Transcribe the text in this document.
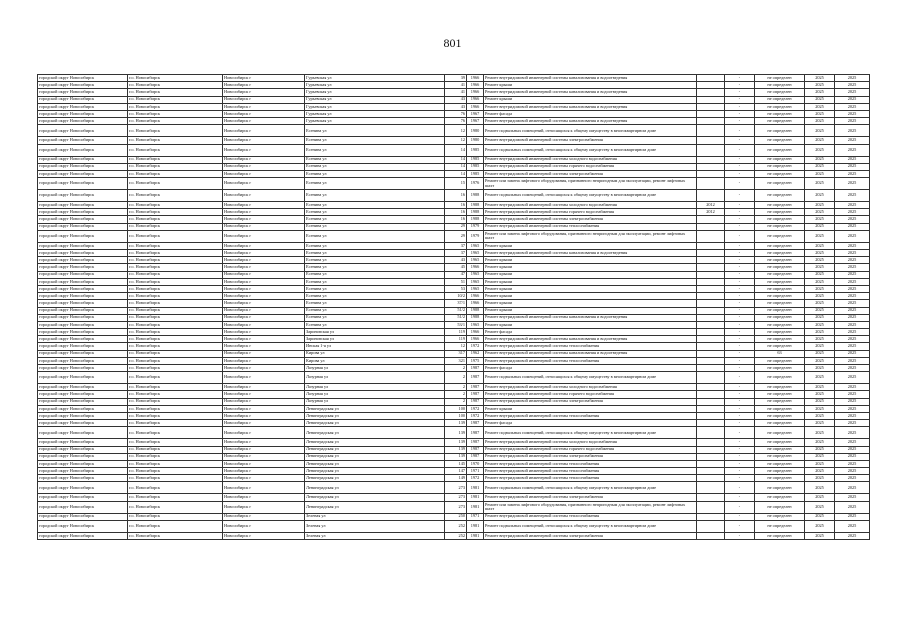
801
городской округ Новосибирск	г.о. Новосибирск	Новосибирск г	Гурьевская ул	39	1966	Ремонт внутридомовой инженерной системы канализования и водоотведения		-	не определен	2025	2025
городской округ Новосибирск	г.о. Новосибирск	Новосибирск г	Гурьевская ул	41	1966	Ремонт крыши		-	не определен	2025	2025
городской округ Новосибирск	г.о. Новосибирск	Новосибирск г	Гурьевская ул	41	1966	Ремонт внутридомовой инженерной системы канализования и водоотведения		-	не определен	2025	2025
городской округ Новосибирск	г.о. Новосибирск	Новосибирск г	Гурьевская ул	43	1966	Ремонт крыши		-	не определен	2025	2025
городской округ Новосибирск	г.о. Новосибирск	Новосибирск г	Гурьевская ул	43	1966	Ремонт внутридомовой инженерной системы канализования и водоотведения		-	не определен	2025	2025
городской округ Новосибирск	г.о. Новосибирск	Новосибирск г	Гурьевская ул	76	1967	Ремонт фасада		-	не определен	2025	2025
городской округ Новосибирск	г.о. Новосибирск	Новосибирск г	Гурьевская ул	76	1967	Ремонт внутридомовой инженерной системы канализования и водоотведения		-	не определен	2025	2025
городской округ Новосибирск	г.о. Новосибирск	Новосибирск г	Есенина ул	12	1980	Ремонт подвальных помещений, относящихся к общему имуществу в многоквартирном доме		-	не определен	2025	2025
городской округ Новосибирск	г.о. Новосибирск	Новосибирск г	Есенина ул	12	1980	Ремонт внутридомовой инженерной системы электроснабжения		-	не определен	2025	2025
городской округ Новосибирск	г.о. Новосибирск	Новосибирск г	Есенина ул	14	1985	Ремонт подвальных помещений, относящихся к общему имуществу в многоквартирном доме		-	не определен	2025	2025
городской округ Новосибирск	г.о. Новосибирск	Новосибирск г	Есенина ул	14	1985	Ремонт внутридомовой инженерной системы холодного водоснабжения		-	не определен	2025	2025
городской округ Новосибирск	г.о. Новосибирск	Новосибирск г	Есенина ул	14	1985	Ремонт внутридомовой инженерной системы горячего водоснабжения		-	не определен	2025	2025
городской округ Новосибирск	г.о. Новосибирск	Новосибирск г	Есенина ул	14	1985	Ремонт внутридомовой инженерной системы электроснабжения		-	не определен	2025	2025
городской округ Новосибирск	г.о. Новосибирск	Новосибирск г	Есенина ул	15	1976	Ремонт или замена лифтового оборудования, признанного непригодным для эксплуатации, ремонт лифтовых шахт		-	не определен	2025	2025
городской округ Новосибирск	г.о. Новосибирск	Новосибирск г	Есенина ул	16	1988	Ремонт подвальных помещений, относящихся к общему имуществу в многоквартирном доме		-	не определен	2025	2025
городской округ Новосибирск	г.о. Новосибирск	Новосибирск г	Есенина ул	16	1988	Ремонт внутридомовой инженерной системы холодного водоснабжения	2012	-	не определен	2025	2025
городской округ Новосибирск	г.о. Новосибирск	Новосибирск г	Есенина ул	16	1988	Ремонт внутридомовой инженерной системы горячего водоснабжения	2012	-	не определен	2025	2025
городской округ Новосибирск	г.о. Новосибирск	Новосибирск г	Есенина ул	16	1988	Ремонт внутридомовой инженерной системы электроснабжения		-	не определен	2025	2025
городской округ Новосибирск	г.о. Новосибирск	Новосибирск г	Есенина ул	29	1979	Ремонт внутридомовой инженерной системы теплоснабжения		-	не определен	2025	2025
городской округ Новосибирск	г.о. Новосибирск	Новосибирск г	Есенина ул	29	1979	Ремонт или замена лифтового оборудования, признанного непригодным для эксплуатации, ремонт лифтовых шахт		-	не определен	2025	2025
городской округ Новосибирск	г.о. Новосибирск	Новосибирск г	Есенина ул	37	1965	Ремонт крыши		-	не определен	2025	2025
городской округ Новосибирск	г.о. Новосибирск	Новосибирск г	Есенина ул	37	1965	Ремонт внутридомовой инженерной системы канализования и водоотведения		-	не определен	2025	2025
городской округ Новосибирск	г.о. Новосибирск	Новосибирск г	Есенина ул	43	1965	Ремонт крыши		-	не определен	2025	2025
городской округ Новосибирск	г.о. Новосибирск	Новосибирск г	Есенина ул	45	1966	Ремонт крыши		-	не определен	2025	2025
городской округ Новосибирск	г.о. Новосибирск	Новосибирск г	Есенина ул	47	1965	Ремонт крыши		-	не определен	2025	2025
городской округ Новосибирск	г.о. Новосибирск	Новосибирск г	Есенина ул	51	1965	Ремонт крыши		-	не определен	2025	2025
городской округ Новосибирск	г.о. Новосибирск	Новосибирск г	Есенина ул	53	1965	Ремонт крыши		-	не определен	2025	2025
городской округ Новосибирск	г.о. Новосибирск	Новосибирск г	Есенина ул	10/2	1966	Ремонт крыши		-	не определен	2025	2025
городской округ Новосибирск	г.о. Новосибирск	Новосибирск г	Есенина ул	37/1	1966	Ремонт крыши		-	не определен	2025	2025
городской округ Новосибирск	г.о. Новосибирск	Новосибирск г	Есенина ул	51/2	1988	Ремонт крыши		-	не определен	2025	2025
городской округ Новосибирск	г.о. Новосибирск	Новосибирск г	Есенина ул	51/2	1988	Ремонт внутридомовой инженерной системы канализования и водоотведения		-	не определен	2025	2025
городской округ Новосибирск	г.о. Новосибирск	Новосибирск г	Есенина ул	53/1	1965	Ремонт крыши		-	не определен	2025	2025
городской округ Новосибирск	г.о. Новосибирск	Новосибирск г	Зариновская ул	119	1966	Ремонт фасада		-	не определен	2025	2025
городской округ Новосибирск	г.о. Новосибирск	Новосибирск г	Зариновская ул	119	1966	Ремонт внутридомовой инженерной системы канализования и водоотведения		-	не определен	2025	2025
городской округ Новосибирск	г.о. Новосибирск	Новосибирск г	Инская 1-я ул	12	1972	Ремонт внутридомовой инженерной системы теплоснабжения		-	не определен	2025	2025
городской округ Новосибирск	г.о. Новосибирск	Новосибирск г	Кирова ул	317	1962	Ремонт внутридомовой инженерной системы канализования и водоотведения		-	63	2025	2025
городской округ Новосибирск	г.о. Новосибирск	Новосибирск г	Кирова ул	321	1975	Ремонт внутридомовой инженерной системы теплоснабжения		-	не определен	2025	2025
городской округ Новосибирск	г.о. Новосибирск	Новосибирск г	Лазурная ул	2	1987	Ремонт фасада		-	не определен	2025	2025
городской округ Новосибирск	г.о. Новосибирск	Новосибирск г	Лазурная ул	2	1987	Ремонт подвальных помещений, относящихся к общему имуществу в многоквартирном доме		-	не определен	2025	2025
городской округ Новосибирск	г.о. Новосибирск	Новосибирск г	Лазурная ул	2	1987	Ремонт внутридомовой инженерной системы холодного водоснабжения		-	не определен	2025	2025
городской округ Новосибирск	г.о. Новосибирск	Новосибирск г	Лазурная ул	2	1987	Ремонт внутридомовой инженерной системы горячего водоснабжения		-	не определен	2025	2025
городской округ Новосибирск	г.о. Новосибирск	Новосибирск г	Лазурная ул	2	1987	Ремонт внутридомовой инженерной системы электроснабжения		-	не определен	2025	2025
городской округ Новосибирск	г.о. Новосибирск	Новосибирск г	Ленинградская ул	100	1972	Ремонт крыши		-	не определен	2025	2025
городской округ Новосибирск	г.о. Новосибирск	Новосибирск г	Ленинградская ул	100	1972	Ремонт внутридомовой инженерной системы теплоснабжения		-	не определен	2025	2025
городской округ Новосибирск	г.о. Новосибирск	Новосибирск г	Ленинградская ул	139	1987	Ремонт фасада		-	не определен	2025	2025
городской округ Новосибирск	г.о. Новосибирск	Новосибирск г	Ленинградская ул	139	1987	Ремонт подвальных помещений, относящихся к общему имуществу в многоквартирном доме		-	не определен	2025	2025
городской округ Новосибирск	г.о. Новосибирск	Новосибирск г	Ленинградская ул	139	1987	Ремонт внутридомовой инженерной системы холодного водоснабжения		-	не определен	2025	2025
городской округ Новосибирск	г.о. Новосибирск	Новосибирск г	Ленинградская ул	139	1987	Ремонт внутридомовой инженерной системы горячего водоснабжения		-	не определен	2025	2025
городской округ Новосибирск	г.о. Новосибирск	Новосибирск г	Ленинградская ул	139	1987	Ремонт внутридомовой инженерной системы электроснабжения		-	не определен	2025	2025
городской округ Новосибирск	г.о. Новосибирск	Новосибирск г	Ленинградская ул	145	1970	Ремонт внутридомовой инженерной системы теплоснабжения		-	не определен	2025	2025
городской округ Новосибирск	г.о. Новосибирск	Новосибирск г	Ленинградская ул	147	1971	Ремонт внутридомовой инженерной системы теплоснабжения		-	не определен	2025	2025
городской округ Новосибирск	г.о. Новосибирск	Новосибирск г	Ленинградская ул	149	1972	Ремонт внутридомовой инженерной системы теплоснабжения		-	не определен	2025	2025
городской округ Новосибирск	г.о. Новосибирск	Новосибирск г	Ленинградская ул	273	1981	Ремонт подвальных помещений, относящихся к общему имуществу в многоквартирном доме		-	не определен	2025	2025
городской округ Новосибирск	г.о. Новосибирск	Новосибирск г	Ленинградская ул	273	1981	Ремонт внутридомовой инженерной системы электроснабжения		-	не определен	2025	2025
городской округ Новосибирск	г.о. Новосибирск	Новосибирск г	Ленинградская ул	273	1981	Ремонт или замена лифтового оборудования, признанного непригодным для эксплуатации, ремонт лифтовых шахт		-	не определен	2025	2025
городской округ Новосибирск	г.о. Новосибирск	Новосибирск г	Зеленая ул	250	1971	Ремонт внутридомовой инженерной системы теплоснабжения		-	не определен	2025	2025
городской округ Новосибирск	г.о. Новосибирск	Новосибирск г	Зеленая ул	252	1981	Ремонт подвальных помещений, относящихся к общему имуществу в многоквартирном доме		-	не определен	2025	2025
городской округ Новосибирск	г.о. Новосибирск	Новосибирск г	Зеленая ул	252	1981	Ремонт внутридомовой инженерной системы электроснабжения		-	не определен	2025	2025
